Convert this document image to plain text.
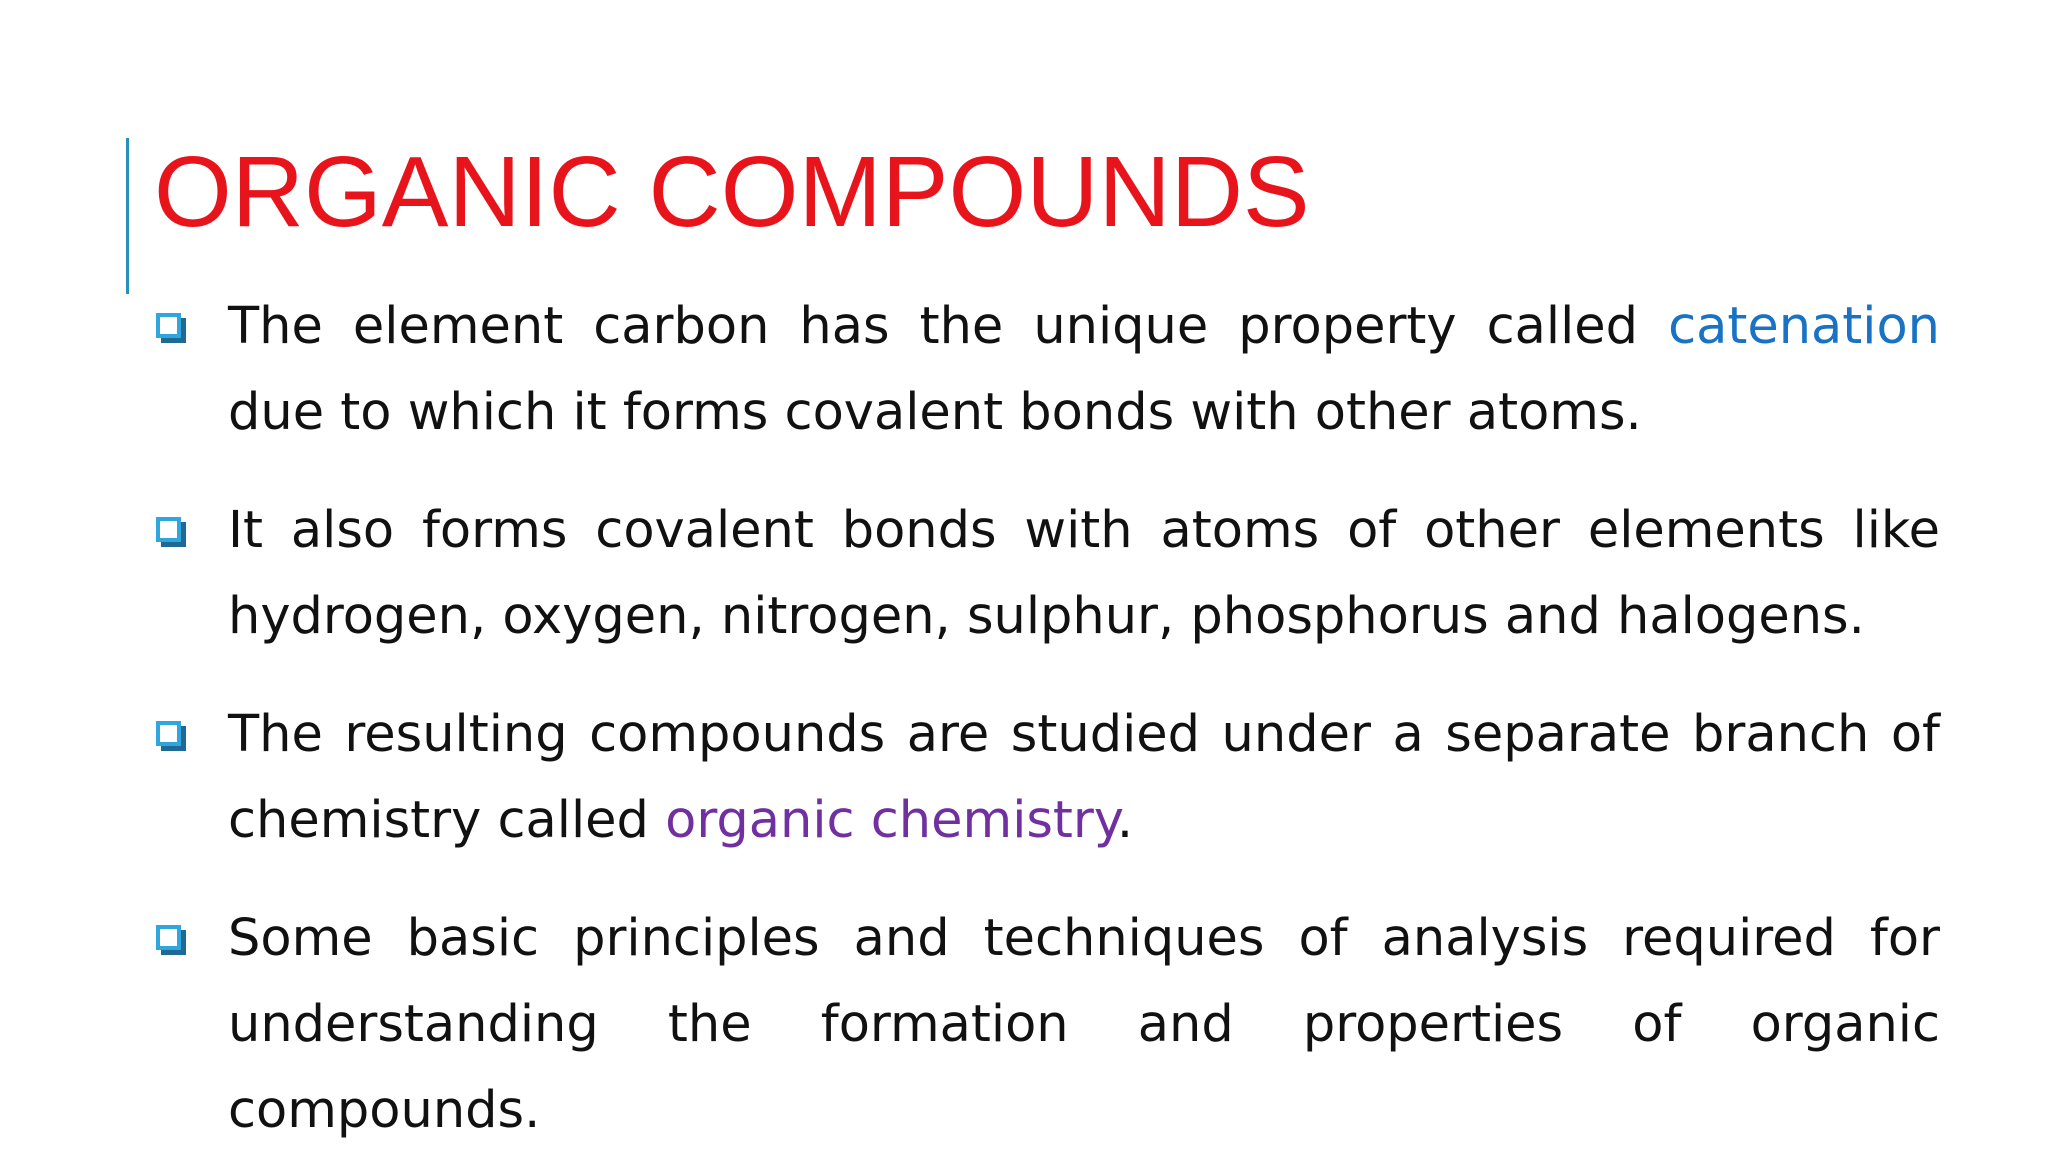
ORGANIC COMPOUNDS
The element carbon has the unique property called catenation due to which it forms covalent bonds with other atoms.
It also forms covalent bonds with atoms of other elements like hydrogen, oxygen, nitrogen, sulphur, phosphorus and halogens.
The resulting compounds are studied under a separate branch of chemistry called organic chemistry.
Some basic principles and techniques of analysis required for understanding the formation and properties of organic compounds.
